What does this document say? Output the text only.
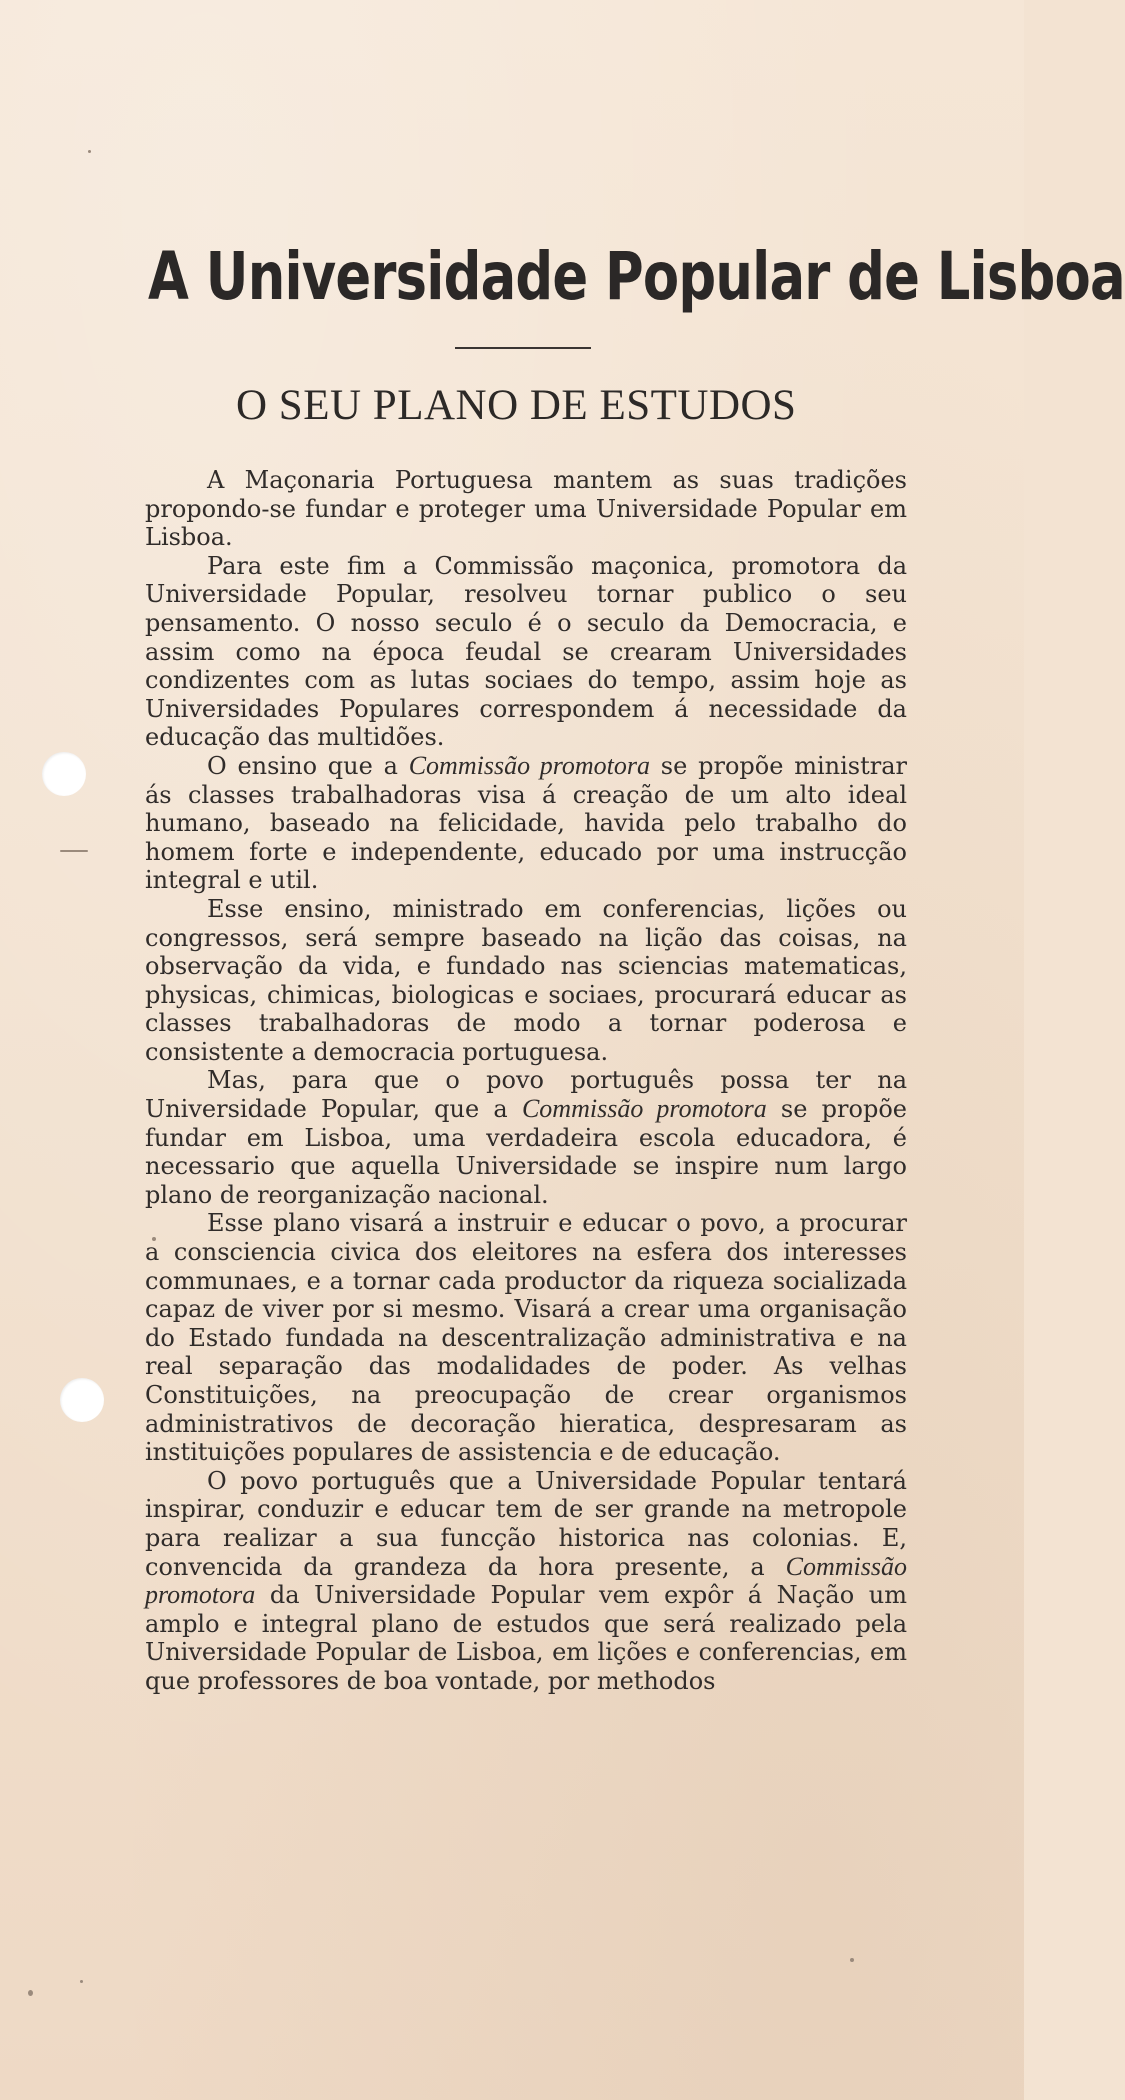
A Universidade Popular de Lisboa
O SEU PLANO DE ESTUDOS

A Maçonaria Portuguesa mantem as suas tradições propondo-se fundar e proteger uma Universidade Popular em Lisboa.

Para este fim a Commissão maçonica, promotora da Universidade Popular, resolveu tornar publico o seu pensamento. O nosso seculo é o seculo da Democracia, e assim como na época feudal se crearam Universidades condizentes com as lutas sociaes do tempo, assim hoje as Universidades Populares correspondem á necessidade da educação das multidões.

O ensino que a Commissão promotora se propõe ministrar ás classes trabalhadoras visa á creação de um alto ideal humano, baseado na felicidade, havida pelo trabalho do homem forte e independente, educado por uma instrucção integral e util.

Esse ensino, ministrado em conferencias, lições ou congressos, será sempre baseado na lição das coisas, na observação da vida, e fundado nas sciencias matematicas, physicas, chimicas, biologicas e sociaes, procurará educar as classes trabalhadoras de modo a tornar poderosa e consistente a democracia portuguesa.

Mas, para que o povo português possa ter na Universidade Popular, que a Commissão promotora se propõe fundar em Lisboa, uma verdadeira escola educadora, é necessario que aquella Universidade se inspire num largo plano de reorganização nacional.

Esse plano visará a instruir e educar o povo, a procurar a consciencia civica dos eleitores na esfera dos interesses communaes, e a tornar cada productor da riqueza socializada capaz de viver por si mesmo. Visará a crear uma organisação do Estado fundada na descentralização administrativa e na real separação das modalidades de poder. As velhas Constituições, na preocupação de crear organismos administrativos de decoração hieratica, despresaram as instituições populares de assistencia e de educação.

O povo português que a Universidade Popular tentará inspirar, conduzir e educar tem de ser grande na metropole para realizar a sua funcção historica nas colonias. E, convencida da grandeza da hora presente, a Commissão promotora da Universidade Popular vem expôr á Nação um amplo e integral plano de estudos que será realizado pela Universidade Popular de Lisboa, em lições e conferencias, em que professores de boa vontade, por methodos
